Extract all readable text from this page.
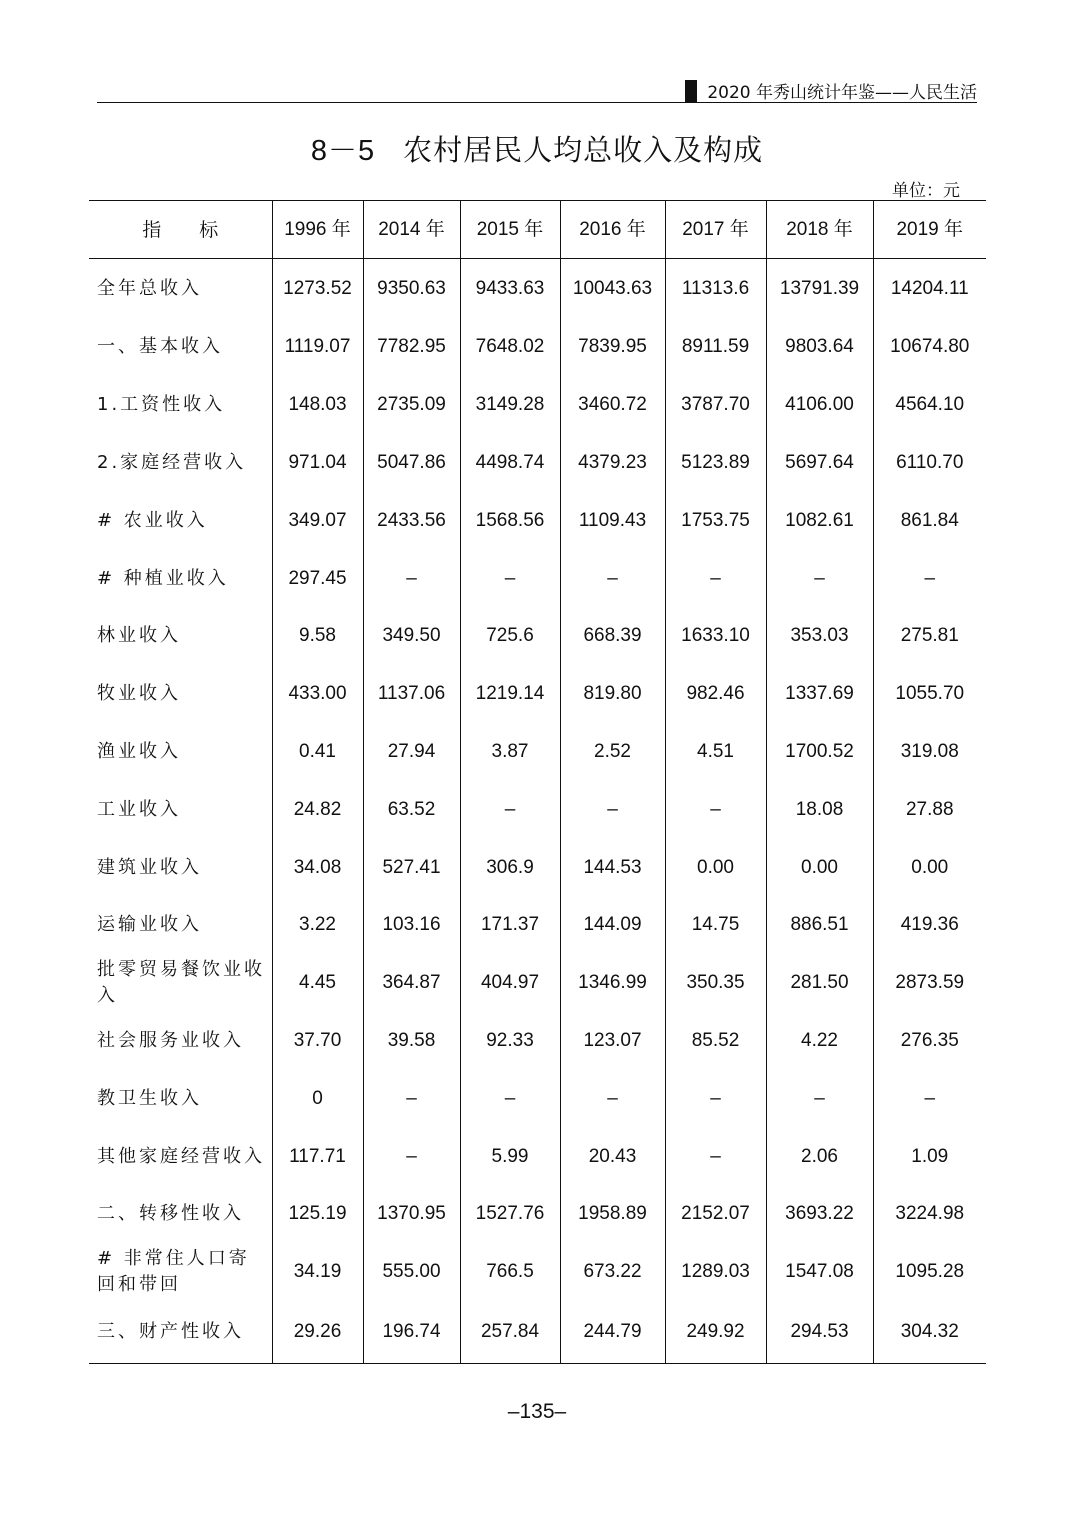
2020 年秀山统计年鉴——人民生活
8－5 农村居民人均总收入及构成
单位：元
指　　标	1996 年	2014 年	2015 年	2016 年	2017 年	2018 年	2019 年
全年总收入	1273.52	9350.63	9433.63	10043.63	11313.6	13791.39	14204.11
一、基本收入	1119.07	7782.95	7648.02	7839.95	8911.59	9803.64	10674.80
1.工资性收入	148.03	2735.09	3149.28	3460.72	3787.70	4106.00	4564.10
2.家庭经营收入	971.04	5047.86	4498.74	4379.23	5123.89	5697.64	6110.70
# 农业收入	349.07	2433.56	1568.56	1109.43	1753.75	1082.61	861.84
# 种植业收入	297.45	–	–	–	–	–	–
林业收入	9.58	349.50	725.6	668.39	1633.10	353.03	275.81
牧业收入	433.00	1137.06	1219.14	819.80	982.46	1337.69	1055.70
渔业收入	0.41	27.94	3.87	2.52	4.51	1700.52	319.08
工业收入	24.82	63.52	–	–	–	18.08	27.88
建筑业收入	34.08	527.41	306.9	144.53	0.00	0.00	0.00
运输业收入	3.22	103.16	171.37	144.09	14.75	886.51	419.36
批零贸易餐饮业收入	4.45	364.87	404.97	1346.99	350.35	281.50	2873.59
社会服务业收入	37.70	39.58	92.33	123.07	85.52	4.22	276.35
教卫生收入	0	–	–	–	–	–	–
其他家庭经营收入	117.71	–	5.99	20.43	–	2.06	1.09
二、转移性收入	125.19	1370.95	1527.76	1958.89	2152.07	3693.22	3224.98
# 非常住人口寄回和带回	34.19	555.00	766.5	673.22	1289.03	1547.08	1095.28
三、财产性收入	29.26	196.74	257.84	244.79	249.92	294.53	304.32
–135–
